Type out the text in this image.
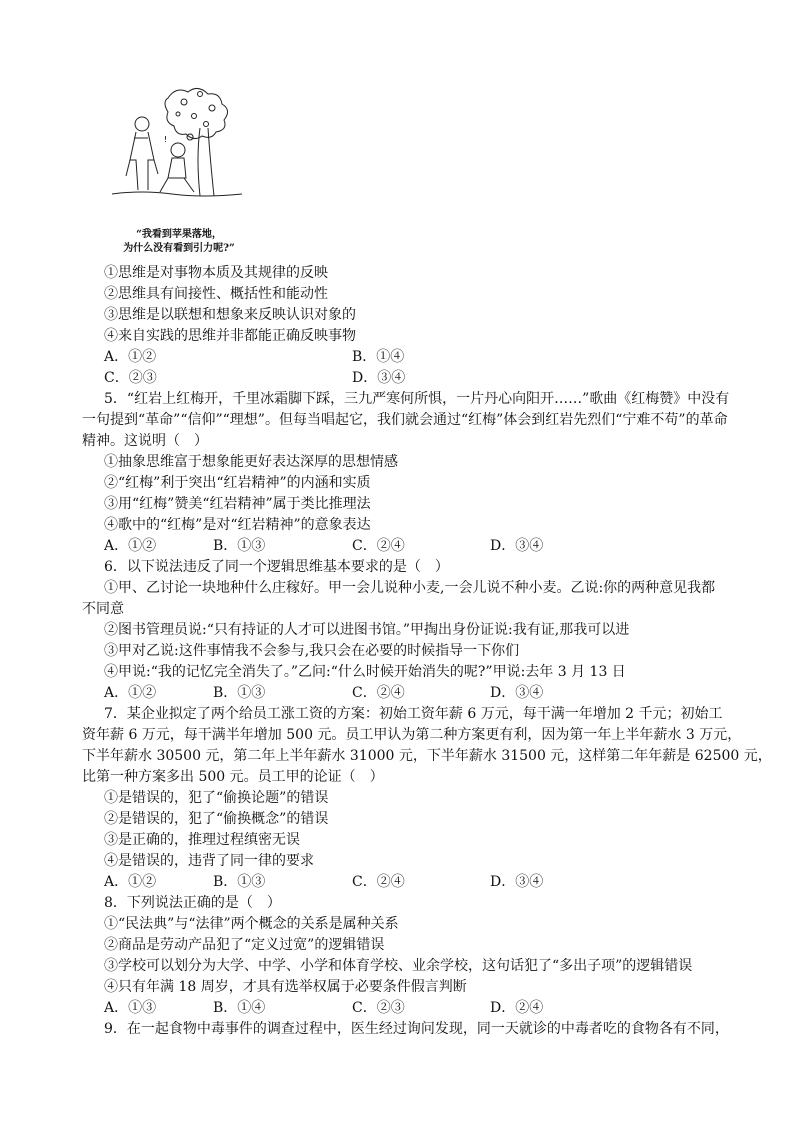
!
“我看到苹果落地，
为什么没有看到引力呢?”
①思维是对事物本质及其规律的反映
②思维具有间接性、概括性和能动性
③思维是以联想和想象来反映认识对象的
④来自实践的思维并非都能正确反映事物
A．①②	B．①④
C．②③	D．③④
5．“红岩上红梅开，千里冰霜脚下踩，三九严寒何所惧，一片丹心向阳开……”歌曲《红梅赞》中没有
一句提到“革命”“信仰”“理想”。但每当唱起它，我们就会通过“红梅”体会到红岩先烈们“宁难不苟”的革命
精神。这说明（　）
①抽象思维富于想象能更好表达深厚的思想情感
②“红梅”利于突出“红岩精神”的内涵和实质
③用“红梅”赞美“红岩精神”属于类比推理法
④歌中的“红梅”是对“红岩精神”的意象表达
A．①②	B．①③	C．②④	D．③④
6．以下说法违反了同一个逻辑思维基本要求的是（　）
①甲、乙讨论一块地种什么庄稼好。甲一会儿说种小麦,一会儿说不种小麦。乙说:你的两种意见我都
不同意
②图书管理员说:“只有持证的人才可以进图书馆。”甲掏出身份证说:我有证,那我可以进
③甲对乙说:这件事情我不会参与,我只会在必要的时候指导一下你们
④甲说:“我的记忆完全消失了。”乙问:“什么时候开始消失的呢?”甲说:去年 3 月 13 日
A．①②	B．①③	C．②④	D．③④
7．某企业拟定了两个给员工涨工资的方案：初始工资年薪 6 万元，每干满一年增加 2 千元；初始工
资年薪 6 万元，每干满半年增加 500 元。员工甲认为第二种方案更有利，因为第一年上半年薪水 3 万元，
下半年薪水 30500 元，第二年上半年薪水 31000 元，下半年薪水 31500 元，这样第二年年薪是 62500 元，
比第一种方案多出 500 元。员工甲的论证（　）
①是错误的，犯了“偷换论题”的错误
②是错误的，犯了“偷换概念”的错误
③是正确的，推理过程缜密无误
④是错误的，违背了同一律的要求
A．①②	B．①③	C．②④	D．③④
8．下列说法正确的是（　）
①“民法典”与“法律”两个概念的关系是属种关系
②商品是劳动产品犯了“定义过宽”的逻辑错误
③学校可以划分为大学、中学、小学和体育学校、业余学校，这句话犯了“多出子项”的逻辑错误
④只有年满 18 周岁，才具有选举权属于必要条件假言判断
A．①③	B．①④	C．②③	D．②④
9．在一起食物中毒事件的调查过程中，医生经过询问发现，同一天就诊的中毒者吃的食物各有不同，
